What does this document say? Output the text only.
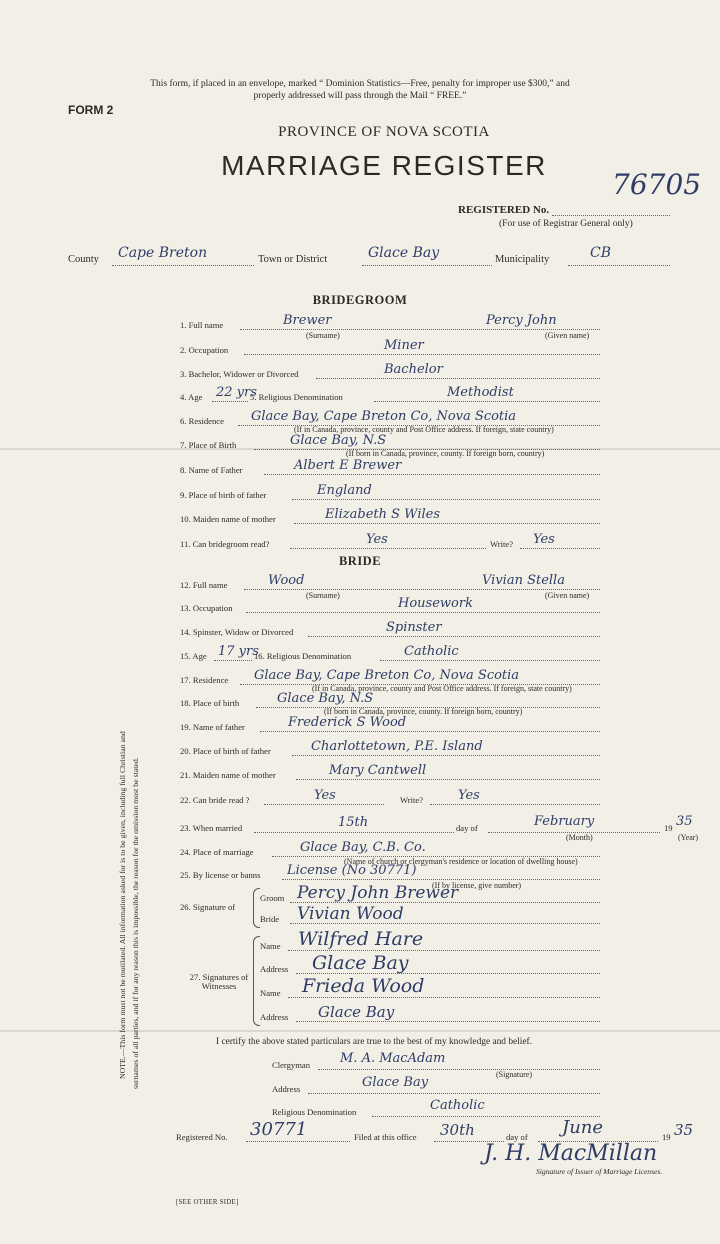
This form, if placed in an envelope, marked “ Dominion Statistics—Free, penalty for improper use $300,” and
properly addressed will pass through the Mail “ FREE.”
FORM 2
PROVINCE OF NOVA SCOTIA
MARRIAGE REGISTER
76705
REGISTERED No.
(For use of Registrar General only)
County Cape Breton	Town or District	Glace Bay	Municipality	CB
BRIDEGROOM
1. Full name	Brewer	Percy John
(Surname)	(Given name)
2. Occupation	Miner
3. Bachelor, Widower or Divorced	Bachelor
4. Age 22 yrs
5. Religious Denomination	Methodist
6. Residence Glace Bay, Cape Breton Co, Nova Scotia
(If in Canada, province, county and Post Office address. If foreign, state country)
7. Place of Birth	Glace Bay, N.S
(If born in Canada, province, county. If foreign born, country)
8. Name of Father	Albert E Brewer
9. Place of birth of father	England
10. Maiden name of mother	Elizabeth S Wiles
11. Can bridegroom read?	Yes	Write? Yes
BRIDE
12. Full name	Wood	Vivian Stella
(Surname)	(Given name)
13. Occupation	Housework
14. Spinster, Widow or Divorced	Spinster
15. Age 17 yrs
16. Religious Denomination	Catholic
17. Residence Glace Bay, Cape Breton Co, Nova Scotia
(If in Canada, province, county and Post Office address. If foreign, state country)
18. Place of birth	Glace Bay, N.S
(If born in Canada, province, county. If foreign born, country)
19. Name of father	Frederick S Wood
20. Place of birth of father	Charlottetown, P.E. Island
21. Maiden name of mother	Mary Cantwell
22. Can bride read ?	Yes	Write?	Yes
23. When married	15th	day of	February
(Month)
19 35
(Year)
24. Place of marriage	Glace Bay, C.B. Co.
(Name of church or clergyman's residence or location of dwelling house)
25. By license or banns License (No 30771)
(If by license, give number)
26. Signature of
Groom Percy John Brewer
Bride Vivian Wood
27. Signatures of
Witnesses
Name Wilfred Hare
Address Glace Bay
Name Frieda Wood
Address Glace Bay
I certify the above stated particulars are true to the best of my knowledge and belief.
Clergyman M. A. MacAdam
(Signature)
Address	Glace Bay
Religious Denomination	Catholic
Registered No. 30771	Filed at this office 30th	day of June	19 35
J. H. MacMillan
Signature of Issuer of Marriage Licenses.
NOTE.—This form must not be mutilated. All information asked for is to be given, including full Christian and surnames of all parties, and if for any reason this is impossible, the reason for the omission must be stated.
[SEE OTHER SIDE]
